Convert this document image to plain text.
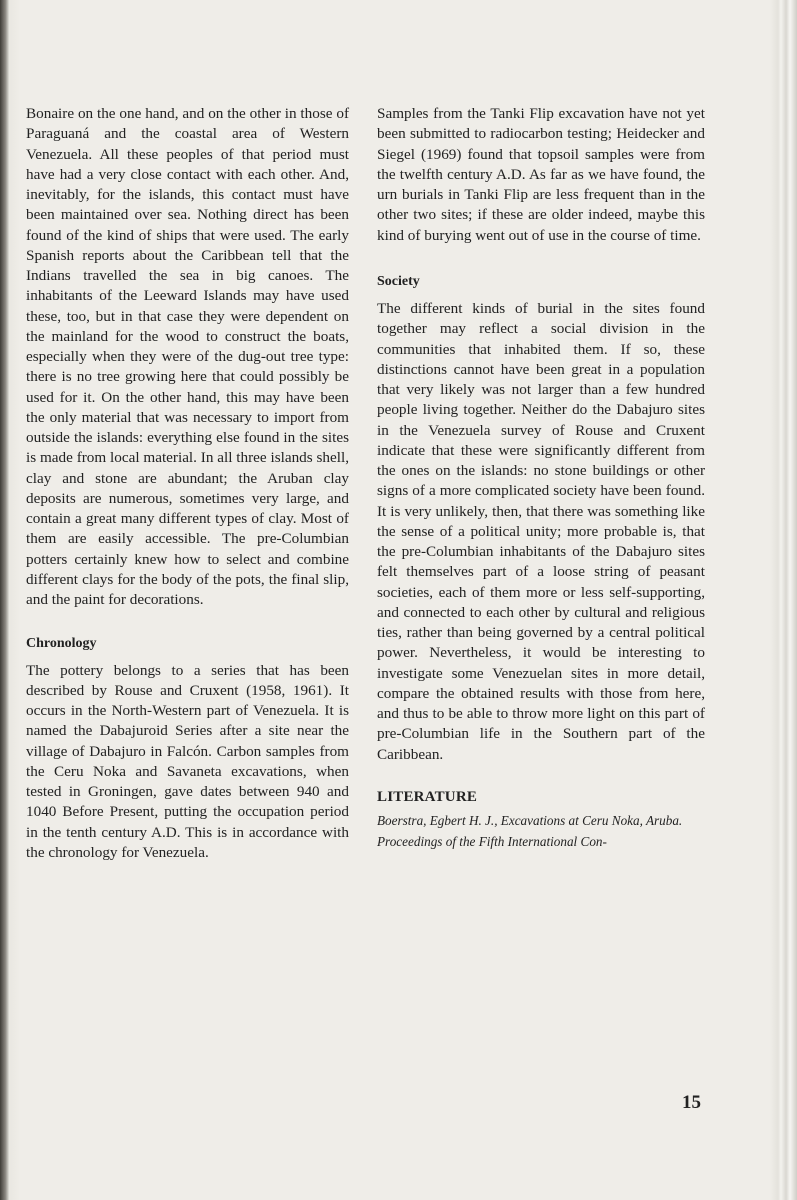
Bonaire on the one hand, and on the other in those of Paraguaná and the coastal area of Western Venezuela. All these peoples of that period must have had a very close contact with each other. And, inevitably, for the islands, this contact must have been maintained over sea. Nothing direct has been found of the kind of ships that were used. The early Spanish reports about the Caribbean tell that the Indians travelled the sea in big canoes. The inhabitants of the Leeward Islands may have used these, too, but in that case they were dependent on the mainland for the wood to construct the boats, especially when they were of the dug-out tree type: there is no tree growing here that could possibly be used for it. On the other hand, this may have been the only material that was necessary to import from outside the islands: everything else found in the sites is made from local material. In all three islands shell, clay and stone are abundant; the Aruban clay deposits are numerous, sometimes very large, and contain a great many different types of clay. Most of them are easily accessible. The pre-Columbian potters certainly knew how to select and combine different clays for the body of the pots, the final slip, and the paint for decorations.

Chronology

The pottery belongs to a series that has been described by Rouse and Cruxent (1958, 1961). It occurs in the North-Western part of Venezuela. It is named the Dabajuroid Series after a site near the village of Dabajuro in Falcón. Carbon samples from the Ceru Noka and Savaneta excavations, when tested in Groningen, gave dates between 940 and 1040 Before Present, putting the occupation period in the tenth century A.D. This is in accordance with the chronology for Venezuela.

Samples from the Tanki Flip excavation have not yet been submitted to radiocarbon testing; Heidecker and Siegel (1969) found that topsoil samples were from the twelfth century A.D. As far as we have found, the urn burials in Tanki Flip are less frequent than in the other two sites; if these are older indeed, maybe this kind of burying went out of use in the course of time.

Society

The different kinds of burial in the sites found together may reflect a social division in the communities that inhabited them. If so, these distinctions cannot have been great in a population that very likely was not larger than a few hundred people living together. Neither do the Dabajuro sites in the Venezuela survey of Rouse and Cruxent indicate that these were significantly different from the ones on the islands: no stone buildings or other signs of a more complicated society have been found. It is very unlikely, then, that there was something like the sense of a political unity; more probable is, that the pre-Columbian inhabitants of the Dabajuro sites felt themselves part of a loose string of peasant societies, each of them more or less self-supporting, and connected to each other by cultural and religious ties, rather than being governed by a central political power. Nevertheless, it would be interesting to investigate some Venezuelan sites in more detail, compare the obtained results with those from here, and thus to be able to throw more light on this part of pre-Columbian life in the Southern part of the Caribbean.

LITERATURE

Boerstra, Egbert H. J., Excavations at Ceru Noka, Aruba.

Proceedings of the Fifth International Con-

15
